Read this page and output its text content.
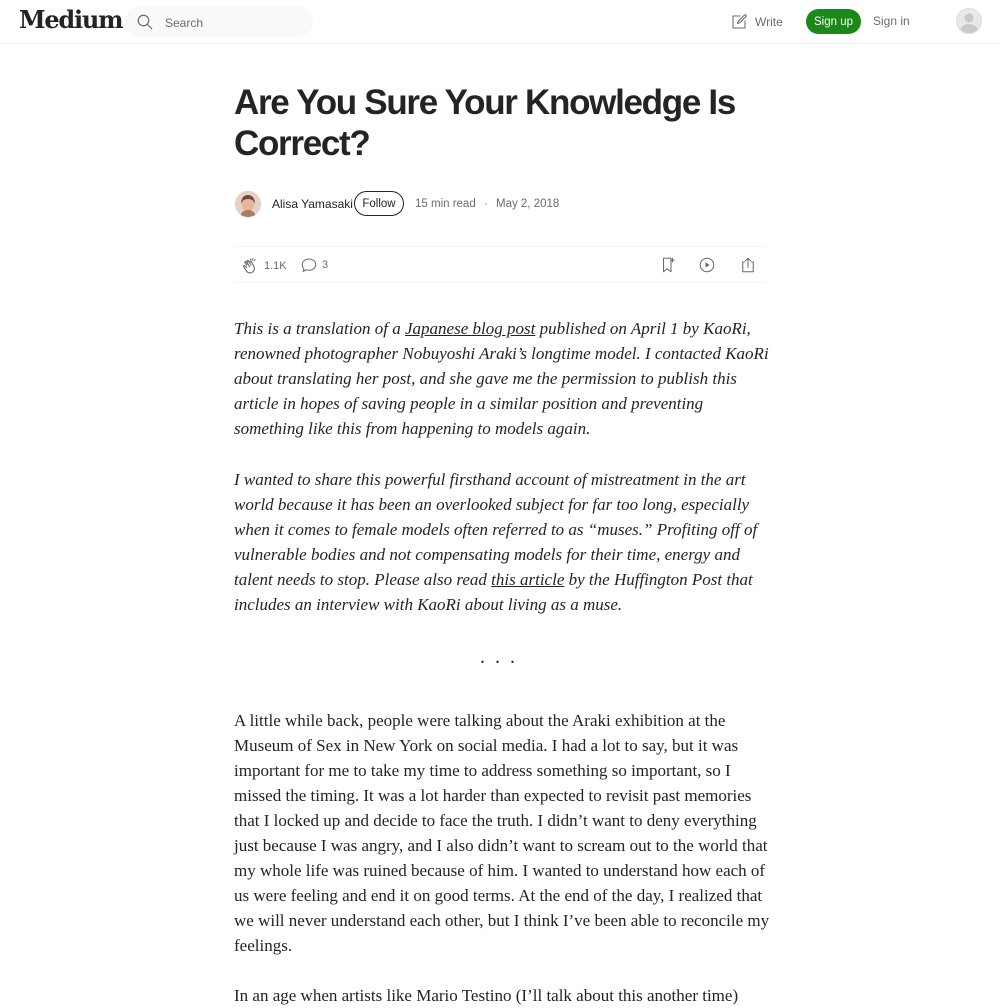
Medium
Search	Write	Sign up	Sign in
Are You Sure Your Knowledge Is Correct?
Alisa Yamasaki Follow	15 min read · May 2, 2018
1.1K	3

This is a translation of a Japanese blog post published on April 1 by KaoRi, renowned photographer Nobuyoshi Araki’s longtime model. I contacted KaoRi about translating her post, and she gave me the permission to publish this article in hopes of saving people in a similar position and preventing something like this from happening to models again.

I wanted to share this powerful firsthand account of mistreatment in the art world because it has been an overlooked subject for far too long, especially when it comes to female models often referred to as “muses.” Profiting off of vulnerable bodies and not compensating models for their time, energy and talent needs to stop. Please also read this article by the Huffington Post that includes an interview with KaoRi about living as a muse.

...

A little while back, people were talking about the Araki exhibition at the Museum of Sex in New York on social media. I had a lot to say, but it was important for me to take my time to address something so important, so I missed the timing. It was a lot harder than expected to revisit past memories that I locked up and decide to face the truth. I didn’t want to deny everything just because I was angry, and I also didn’t want to scream out to the world that my whole life was ruined because of him. I wanted to understand how each of us were feeling and end it on good terms. At the end of the day, I realized that we will never understand each other, but I think I’ve been able to reconcile my feelings.

In an age when artists like Mario Testino (I’ll talk about this another time)
